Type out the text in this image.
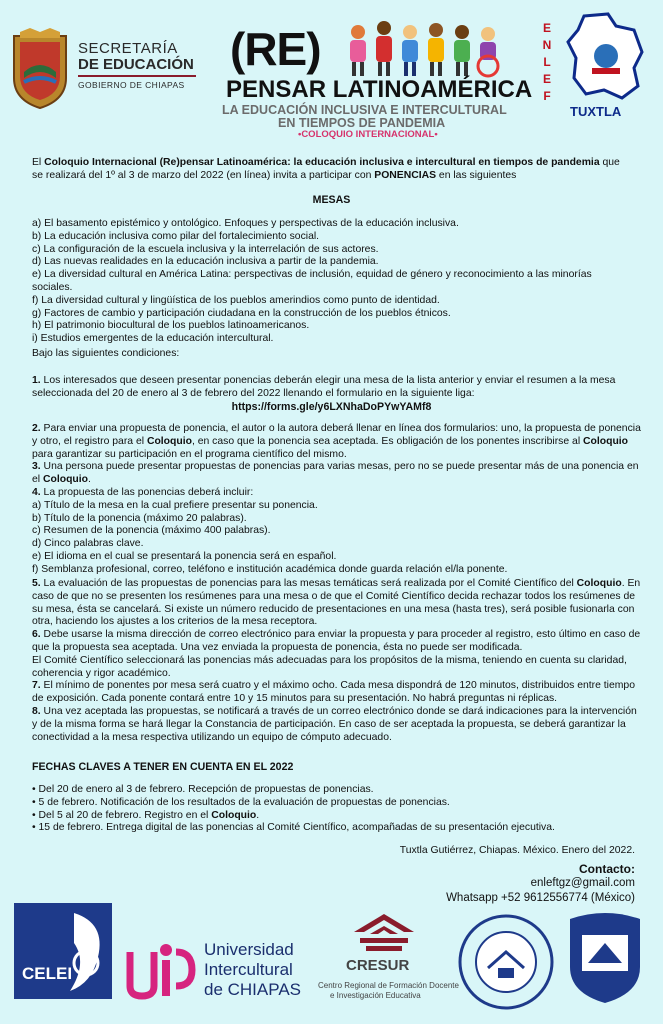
SECRETARÍA
DE EDUCACIÓN
GOBIERNO DE CHIAPAS
(RE)
PENSAR LATINOAMÉRICA
LA EDUCACIÓN INCLUSIVA E INTERCULTURAL
EN TIEMPOS DE PANDEMIA
•COLOQUIO INTERNACIONAL•
E
N
L
E
F
TUXTLA
El Coloquio Internacional (Re)pensar Latinoamérica: la educación inclusiva e intercultural en tiempos de pandemia que se realizará del 1º al 3 de marzo del 2022 (en línea) invita a participar con PONENCIAS en las siguientes
MESAS
a) El basamento epistémico y ontológico. Enfoques y perspectivas de la educación inclusiva.
b) La educación inclusiva como pilar del fortalecimiento social.
c) La configuración de la escuela inclusiva y la interrelación de sus actores.
d) Las nuevas realidades en la educación inclusiva a partir de la pandemia.
e) La diversidad cultural en América Latina: perspectivas de inclusión, equidad de género y reconocimiento a las minorías sociales.
f) La diversidad cultural y lingüística de los pueblos amerindios como punto de identidad.
g) Factores de cambio y participación ciudadana en la construcción de los pueblos étnicos.
h) El patrimonio biocultural de los pueblos latinoamericanos.
i) Estudios emergentes de la educación intercultural.
Bajo las siguientes condiciones:
1. Los interesados que deseen presentar ponencias deberán elegir una mesa de la lista anterior y enviar el resumen a la mesa seleccionada del 20 de enero al 3 de febrero del 2022 llenando el formulario en la siguiente liga:
https://forms.gle/y6LXNhaDoPYwYAMf8
2. Para enviar una propuesta de ponencia, el autor o la autora deberá llenar en línea dos formularios: uno, la propuesta de ponencia y otro, el registro para el Coloquio, en caso que la ponencia sea aceptada. Es obligación de los ponentes inscribirse al Coloquio para garantizar su participación en el programa científico del mismo.
3. Una persona puede presentar propuestas de ponencias para varias mesas, pero no se puede presentar más de una ponencia en el Coloquio.
4. La propuesta de las ponencias deberá incluir:
a) Título de la mesa en la cual prefiere presentar su ponencia.
b) Título de la ponencia (máximo 20 palabras).
c) Resumen de la ponencia (máximo 400 palabras).
d) Cinco palabras clave.
e) El idioma en el cual se presentará la ponencia será en español.
f) Semblanza profesional, correo, teléfono e institución académica donde guarda relación el/la ponente.
5. La evaluación de las propuestas de ponencias para las mesas temáticas será realizada por el Comité Científico del Coloquio. En caso de que no se presenten los resúmenes para una mesa o de que el Comité Científico decida rechazar todos los resúmenes de su mesa, ésta se cancelará. Si existe un número reducido de presentaciones en una mesa (hasta tres), será posible fusionarla con otra, haciendo los ajustes a los criterios de la mesa receptora.
6. Debe usarse la misma dirección de correo electrónico para enviar la propuesta y para proceder al registro, esto último en caso de que la propuesta sea aceptada. Una vez enviada la propuesta de ponencia, ésta no puede ser modificada.
El Comité Científico seleccionará las ponencias más adecuadas para los propósitos de la misma, teniendo en cuenta su claridad, coherencia y rigor académico.
7. El mínimo de ponentes por mesa será cuatro y el máximo ocho. Cada mesa dispondrá de 120 minutos, distribuidos entre tiempo de exposición. Cada ponente contará entre 10 y 15 minutos para su presentación. No habrá preguntas ni réplicas.
8. Una vez aceptada las propuestas, se notificará a través de un correo electrónico donde se dará indicaciones para la intervención y de la misma forma se hará llegar la Constancia de participación. En caso de ser aceptada la propuesta, se deberá garantizar la conectividad a la mesa respectiva utilizando un equipo de cómputo adecuado.
FECHAS CLAVES A TENER EN CUENTA EN EL 2022
• Del 20 de enero al 3 de febrero. Recepción de propuestas de ponencias.
• 5 de febrero. Notificación de los resultados de la evaluación de propuestas de ponencias.
• Del 5 al 20 de febrero. Registro en el Coloquio.
• 15 de febrero. Entrega digital de las ponencias al Comité Científico, acompañadas de su presentación ejecutiva.
Tuxtla Gutiérrez, Chiapas. México. Enero del 2022.
Contacto:
enleftgz@gmail.com
Whatsapp +52 9612556774 (México)
CELEI
Universidad
Intercultural
de CHIAPAS
CRESUR
Centro Regional de Formación Docente
e Investigación Educativa
